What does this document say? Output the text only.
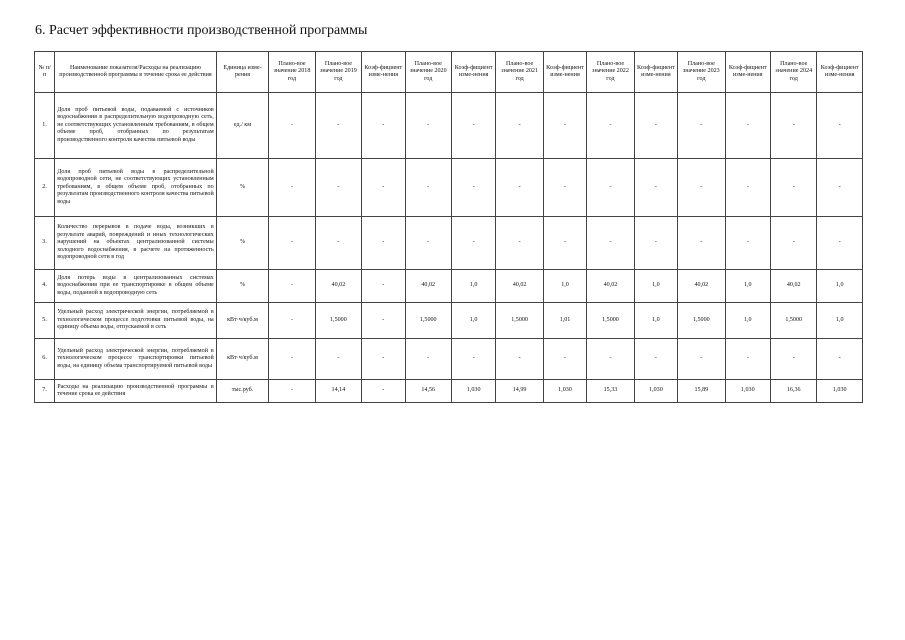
6. Расчет эффективности производственной программы
№ п/п	Наименование показателя/Расходы на реализацию производственной программы в течение срока ее действия	Единица изме-рения	Плано-вое значение 2018 год	Плано-вое значение 2019 год	Коэф-фициент изме-нения	Плано-вое значение 2020 год	Коэф-фициент изме-нения	Плано-вое значение 2021 год	Коэф-фициент изме-нения	Плано-вое значение 2022 год	Коэф-фициент изме-нения	Плано-вое значение 2023 год	Коэф-фициент изме-нения	Плано-вое значение 2024 год	Коэф-фициент изме-нения
1.	Доля проб питьевой воды, подаваемой с источников водоснабжения в распределительную водопроводную сеть, не соответствующих установленным требованиям, в общем объеме проб, отобранных по результатам производственного контроля качества питьевой воды	ед./ км	-	-	-	-	-	-	-	-	-	-	-	-	-
2.	Доля проб питьевой воды в распределительной водопроводной сети, не соответствующих установленным требованиям, в общем объеме проб, отобранных по результатам производственного контроля качества питьевой воды	%	-	-	-	-	-	-	-	-	-	-	-	-	-
3.	Количество перерывов в подаче воды, возникших в результате аварий, повреждений и иных технологических нарушений на объектах централизованной системы холодного водоснабжения, в расчете на протяженность водопроводной сети в год	%	-	-	-	-	-	-	-	-	-	-	-	-	-
4.	Доля потерь воды в централизованных системах водоснабжения при ее транспортировке в общем объеме воды, поданной в водопроводную сеть	%	-	40,02	-	40,02	1,0	40,02	1,0	40,02	1,0	40,02	1,0	40,02	1,0
5.	Удельный расход электрической энергии, потребляемой в технологическом процессе подготовки питьевой воды, на единицу объема воды, отпускаемой в сеть	кВт·ч/куб.м	-	1,5000	-	1,5000	1,0	1,5000	1,01	1,5000	1,0	1,5000	1,0	1,5000	1,0
6.	Удельный расход электрической энергии, потребляемой в технологическом процессе транспортировки питьевой воды, на единицу объема транспортируемой питьевой воды	кВт·ч/куб.м	-	-	-	-	-	-	-	-	-	-	-	-	-
7.	Расходы на реализацию производственной программы в течение срока ее действия	тыс.руб.	-	14,14	-	14,56	1,030	14,99	1,030	15,33	1,030	15,89	1,030	16,36	1,030
